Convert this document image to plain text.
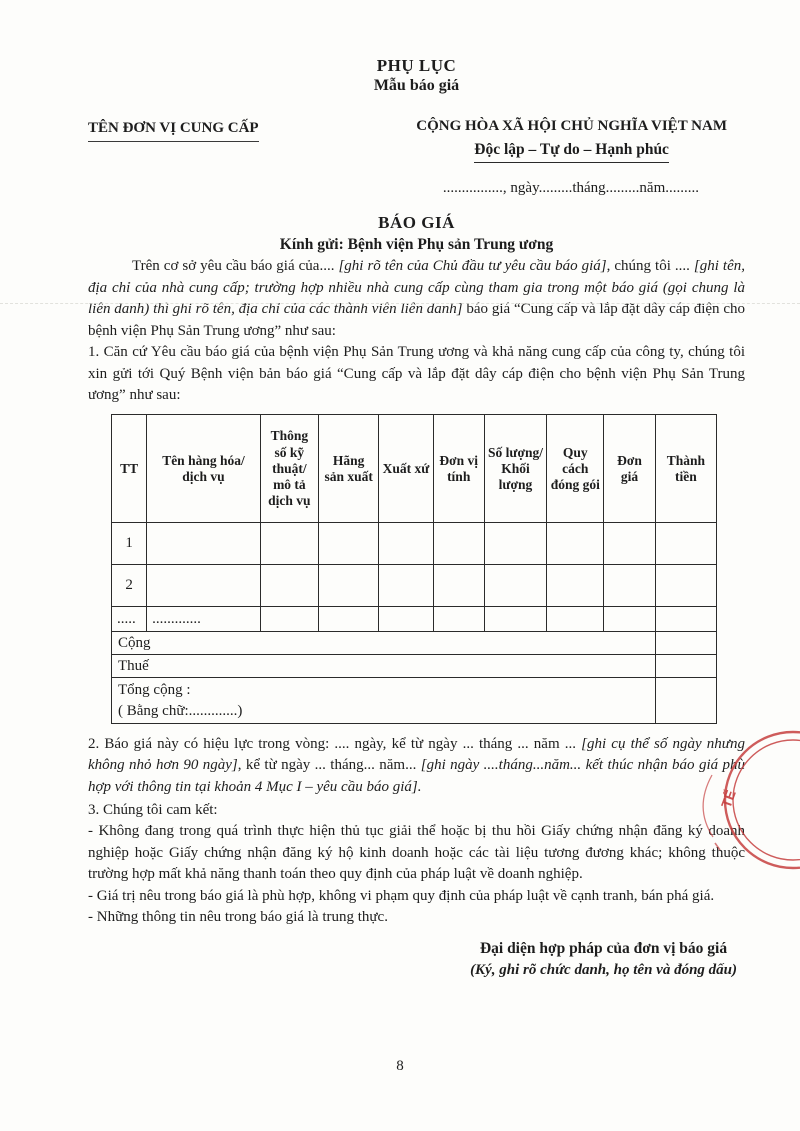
PHỤ LỤC
Mẫu báo giá
TÊN ĐƠN VỊ CUNG CẤP	CỘNG HÒA XÃ HỘI CHỦ NGHĨA VIỆT NAM
Độc lập – Tự do – Hạnh phúc
................, ngày.........tháng.........năm.........
BÁO GIÁ
Kính gửi: Bệnh viện Phụ sản Trung ương

Trên cơ sở yêu cầu báo giá của.... [ghi rõ tên của Chủ đầu tư yêu cầu báo giá], chúng tôi .... [ghi tên, địa chỉ của nhà cung cấp; trường hợp nhiều nhà cung cấp cùng tham gia trong một báo giá (gọi chung là liên danh) thì ghi rõ tên, địa chỉ của các thành viên liên danh] báo giá “Cung cấp và lắp đặt dây cáp điện cho bệnh viện Phụ Sản Trung ương” như sau:

1. Căn cứ Yêu cầu báo giá của bệnh viện Phụ Sản Trung ương và khả năng cung cấp của công ty, chúng tôi xin gửi tới Quý Bệnh viện bản báo giá “Cung cấp và lắp đặt dây cáp điện cho bệnh viện Phụ Sản Trung ương” như sau:

TT	Tên hàng hóa/ dịch vụ	Thông số kỹ thuật/ mô tả dịch vụ	Hãng sản xuất	Xuất xứ	Đơn vị tính	Số lượng/ Khối lượng	Quy cách đóng gói	Đơn giá	Thành tiền
1									
2									
.....	.............								
Cộng									
Thuế									

Tổng cộng :
( Bằng chữ:.............)									

2. Báo giá này có hiệu lực trong vòng: .... ngày, kể từ ngày ... tháng ... năm ... [ghi cụ thể số ngày nhưng không nhỏ hơn 90 ngày], kể từ ngày ... tháng... năm... [ghi ngày ....tháng...năm... kết thúc nhận báo giá phù hợp với thông tin tại khoản 4 Mục I – yêu cầu báo giá].

3. Chúng tôi cam kết:

- Không đang trong quá trình thực hiện thủ tục giải thể hoặc bị thu hồi Giấy chứng nhận đăng ký doanh nghiệp hoặc Giấy chứng nhận đăng ký hộ kinh doanh hoặc các tài liệu tương đương khác; không thuộc trường hợp mất khả năng thanh toán theo quy định của pháp luật về doanh nghiệp.

- Giá trị nêu trong báo giá là phù hợp, không vi phạm quy định của pháp luật về cạnh tranh, bán phá giá.

- Những thông tin nêu trong báo giá là trung thực.

Đại diện hợp pháp của đơn vị báo giá
(Ký, ghi rõ chức danh, họ tên và đóng dấu)
TẾ
8
